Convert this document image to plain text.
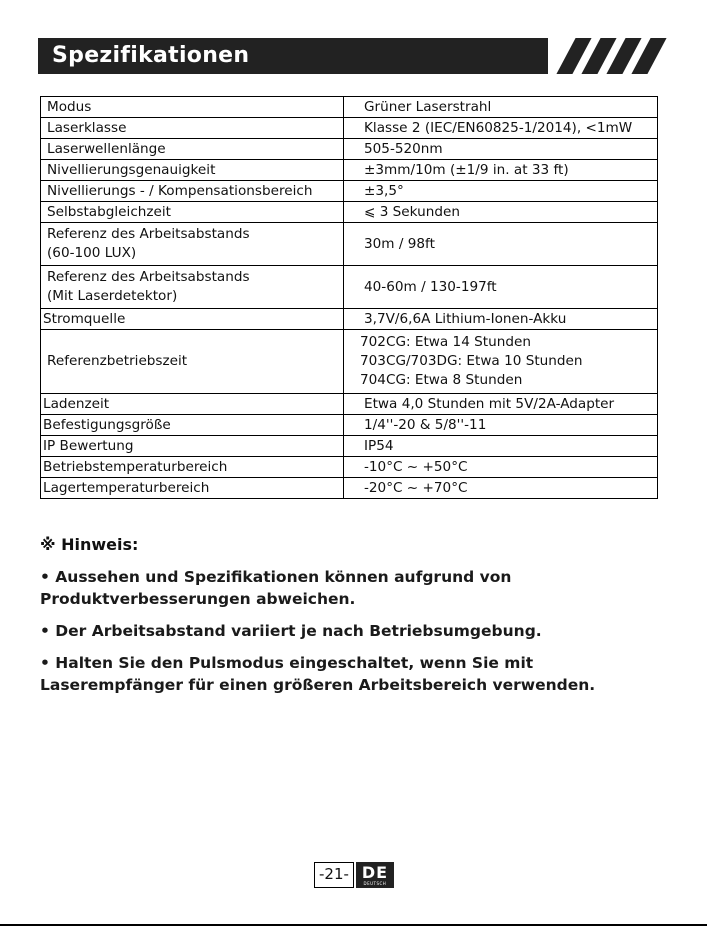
Spezifikationen
Modus	Grüner Laserstrahl
Laserklasse	Klasse 2 (IEC/EN60825-1/2014), <1mW
Laserwellenlänge	505-520nm
Nivellierungsgenauigkeit	±3mm/10m (±1/9 in. at 33 ft)
Nivellierungs - / Kompensationsbereich	±3,5°
Selbstabgleichzeit	⩽ 3 Sekunden

Referenz des Arbeitsabstands
(60-100 LUX)	30m / 98ft

Referenz des Arbeitsabstands
(Mit Laserdetektor)	40-60m / 130-197ft
Stromquelle	3,7V/6,6A Lithium-Ionen-Akku
Referenzbetriebszeit	702CG: Etwa 14 Stunden
703CG/703DG: Etwa 10 Stunden
704CG: Etwa 8 Stunden

Ladenzeit	Etwa 4,0 Stunden mit 5V/2A-Adapter
Befestigungsgröße	1/4''-20 & 5/8''-11
IP Bewertung	IP54
Betriebstemperaturbereich	-10°C ~ +50°C
Lagertemperaturbereich	-20°C ~ +70°C
※ Hinweis:
• Aussehen und Spezifikationen können aufgrund von
Produktverbesserungen abweichen.
• Der Arbeitsabstand variiert je nach Betriebsumgebung.
• Halten Sie den Pulsmodus eingeschaltet, wenn Sie mit
Laserempfänger für einen größeren Arbeitsbereich verwenden.
-21- DE
DEUTSCH
